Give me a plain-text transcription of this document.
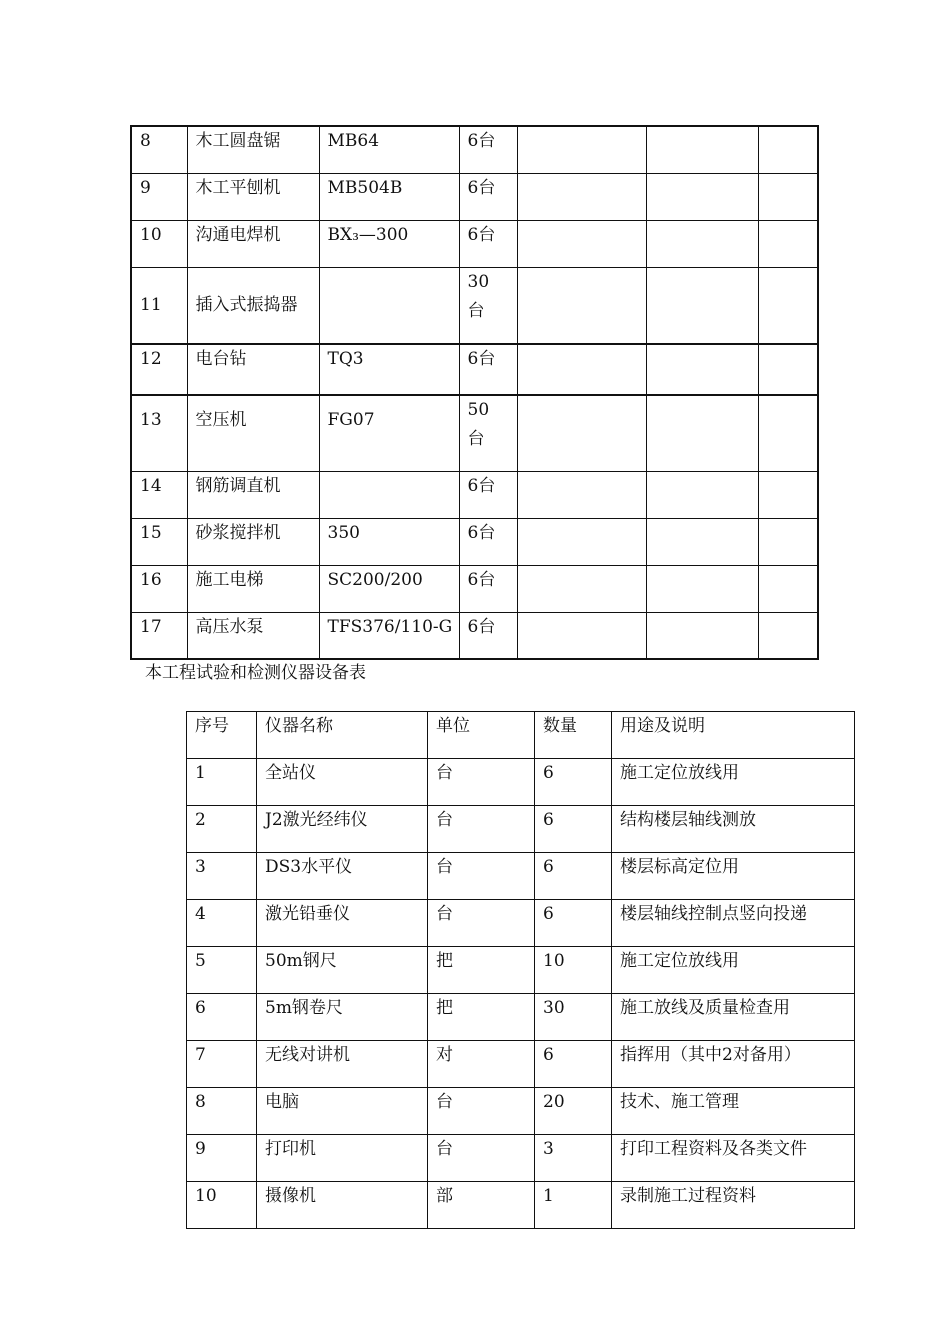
8	木工圆盘锯	MB64	6台			
9	木工平刨机	MB504B	6台			
10	沟通电焊机	BX₃—300	6台			
11	插入式振捣器		30台			
12	电台钻	TQ3	6台			
13	空压机	FG07	50台			
14	钢筋调直机		6台			
15	砂浆搅拌机	350	6台			
16	施工电梯	SC200/200	6台			
17	高压水泵	TFS376/110-G	6台			
本工程试验和检测仪器设备表
序号	仪器名称	单位	数量	用途及说明
1	全站仪	台	6	施工定位放线用
2	J2激光经纬仪	台	6	结构楼层轴线测放
3	DS3水平仪	台	6	楼层标高定位用
4	激光铅垂仪	台	6	楼层轴线控制点竖向投递
5	50m钢尺	把	10	施工定位放线用
6	5m钢卷尺	把	30	施工放线及质量检查用
7	无线对讲机	对	6	指挥用（其中2对备用）
8	电脑	台	20	技术、施工管理
9	打印机	台	3	打印工程资料及各类文件
10	摄像机	部	1	录制施工过程资料
